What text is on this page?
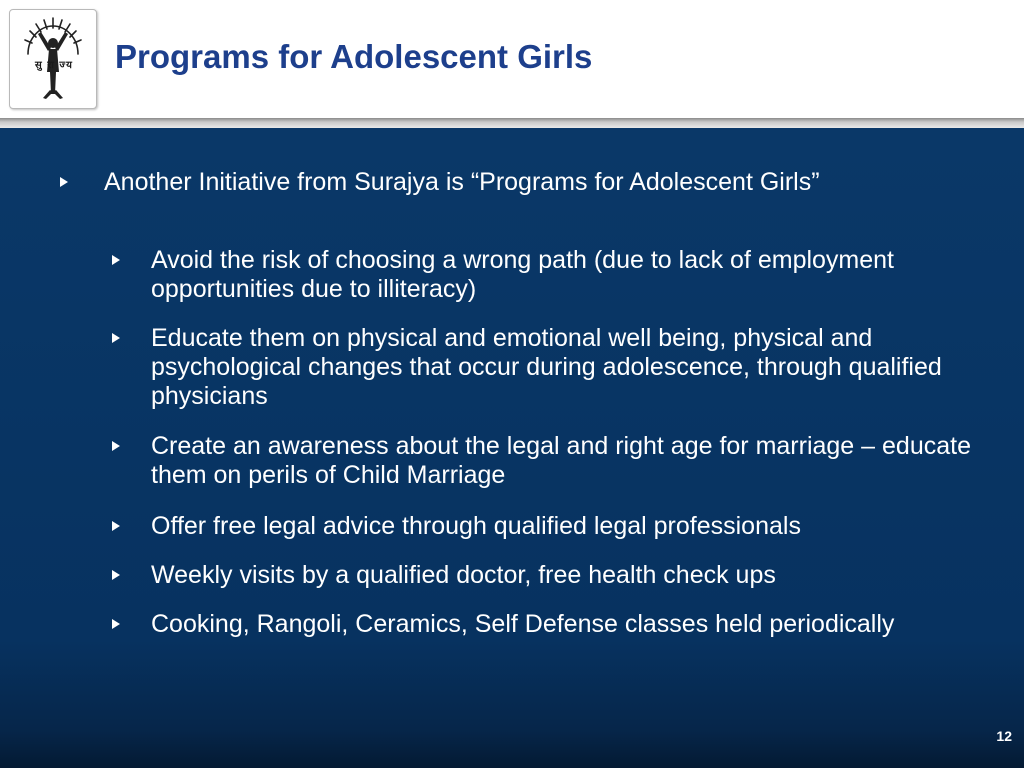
सु रा ज्य	Programs for Adolescent Girls
Another Initiative from Surajya is “Programs for Adolescent Girls”
Avoid the risk of choosing a wrong path (due to lack of employment opportunities due to illiteracy)
Educate them on physical and emotional well being, physical and psychological changes that occur during adolescence, through qualified physicians
Create an awareness about the legal and right age for marriage – educate them on perils of Child Marriage
Offer free legal advice through qualified legal professionals
Weekly visits by a qualified doctor, free health check ups
Cooking, Rangoli, Ceramics, Self Defense classes held periodically
12
